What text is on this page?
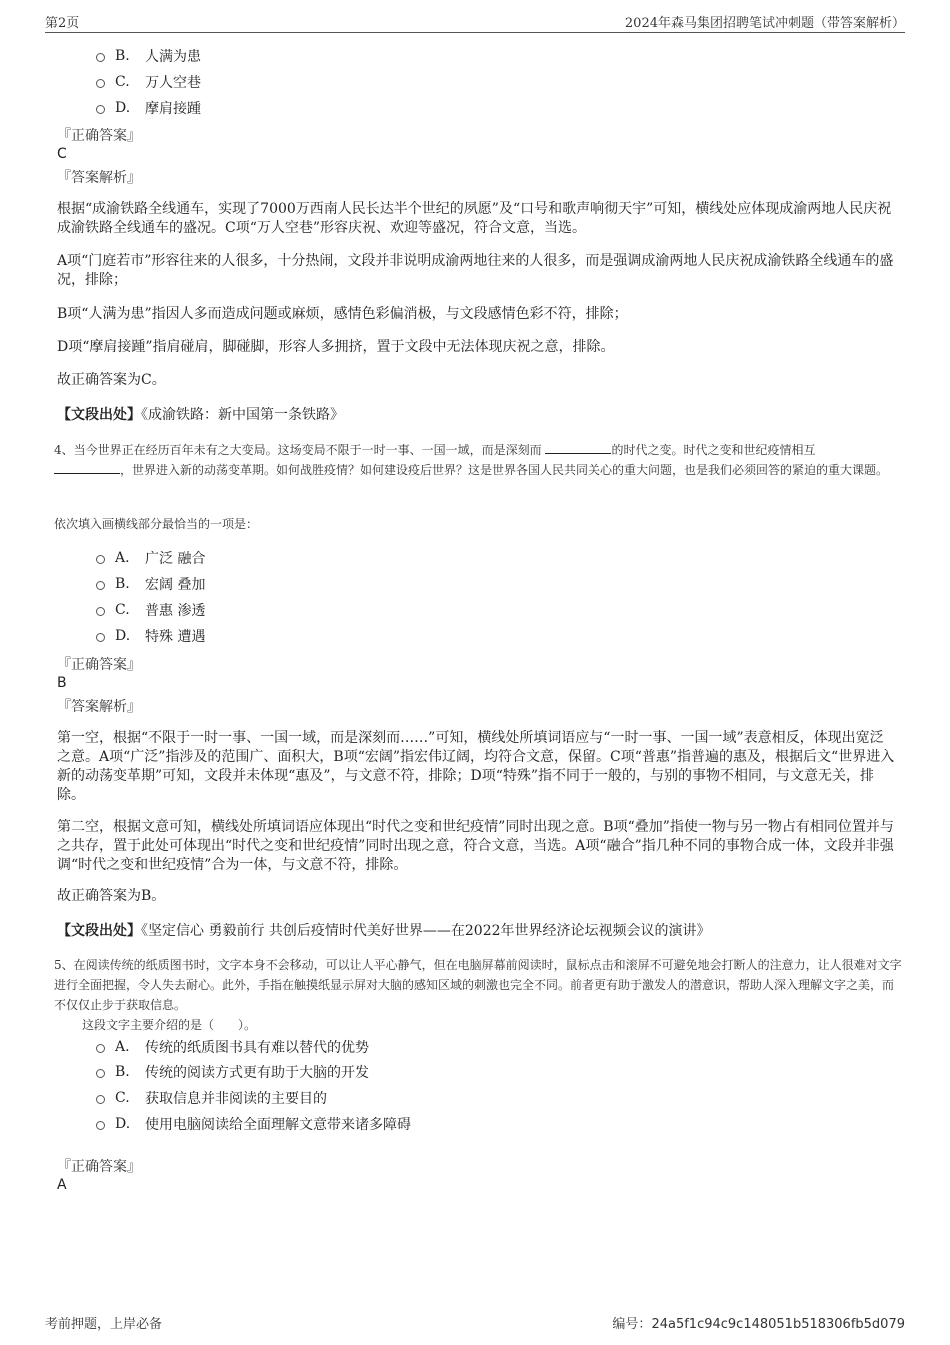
第2页	2024年森马集团招聘笔试冲刺题（带答案解析）
B.	人满为患
C.	万人空巷
D.	摩肩接踵
『正确答案』
C
『答案解析』
根据“成渝铁路全线通车，实现了7000万西南人民长达半个世纪的夙愿”及“口号和歌声响彻天宇”可知，横线处应体现成渝两地人民庆祝成渝铁路全线通车的盛况。C项“万人空巷”形容庆祝、欢迎等盛况，符合文意，当选。
A项“门庭若市”形容往来的人很多，十分热闹，文段并非说明成渝两地往来的人很多，而是强调成渝两地人民庆祝成渝铁路全线通车的盛况，排除；
B项“人满为患”指因人多而造成问题或麻烦，感情色彩偏消极，与文段感情色彩不符，排除；
D项“摩肩接踵”指肩碰肩，脚碰脚，形容人多拥挤，置于文段中无法体现庆祝之意，排除。
故正确答案为C。
【文段出处】《成渝铁路：新中国第一条铁路》
4、当今世界正在经历百年未有之大变局。这场变局不限于一时一事、一国一域，而是深刻而	的时代之变。时代之变和世纪疫情相互
，世界进入新的动荡变革期。如何战胜疫情？如何建设疫后世界？这是世界各国人民共同关心的重大问题，也是我们必须回答的紧迫的重大课题。
依次填入画横线部分最恰当的一项是：
A.	广泛 融合
B.	宏阔 叠加
C.	普惠 渗透
D.	特殊 遭遇
『正确答案』
B
『答案解析』
第一空，根据“不限于一时一事、一国一域，而是深刻而……”可知，横线处所填词语应与“一时一事、一国一域”表意相反，体现出宽泛之意。A项“广泛”指涉及的范围广、面积大，B项“宏阔”指宏伟辽阔，均符合文意，保留。C项“普惠”指普遍的惠及，根据后文“世界进入新的动荡变革期”可知，文段并未体现“惠及”，与文意不符，排除；D项“特殊”指不同于一般的，与别的事物不相同，与文意无关，排除。
第二空，根据文意可知，横线处所填词语应体现出“时代之变和世纪疫情”同时出现之意。B项“叠加”指使一物与另一物占有相同位置并与之共存，置于此处可体现出“时代之变和世纪疫情”同时出现之意，符合文意，当选。A项“融合”指几种不同的事物合成一体，文段并非强调“时代之变和世纪疫情”合为一体，与文意不符，排除。
故正确答案为B。
【文段出处】《坚定信心 勇毅前行 共创后疫情时代美好世界——在2022年世界经济论坛视频会议的演讲》
5、在阅读传统的纸质图书时，文字本身不会移动，可以让人平心静气，但在电脑屏幕前阅读时，鼠标点击和滚屏不可避免地会打断人的注意力，让人很难对文字进行全面把握，令人失去耐心。此外，手指在触摸纸显示屏对大脑的感知区域的刺激也完全不同。前者更有助于激发人的潜意识，帮助人深入理解文字之美，而不仅仅止步于获取信息。
这段文字主要介绍的是（　　）。
A.	传统的纸质图书具有难以替代的优势
B.	传统的阅读方式更有助于大脑的开发
C.	获取信息并非阅读的主要目的
D.	使用电脑阅读给全面理解文意带来诸多障碍
『正确答案』
A
考前押题，上岸必备	编号：24a5f1c94c9c148051b518306fb5d079
